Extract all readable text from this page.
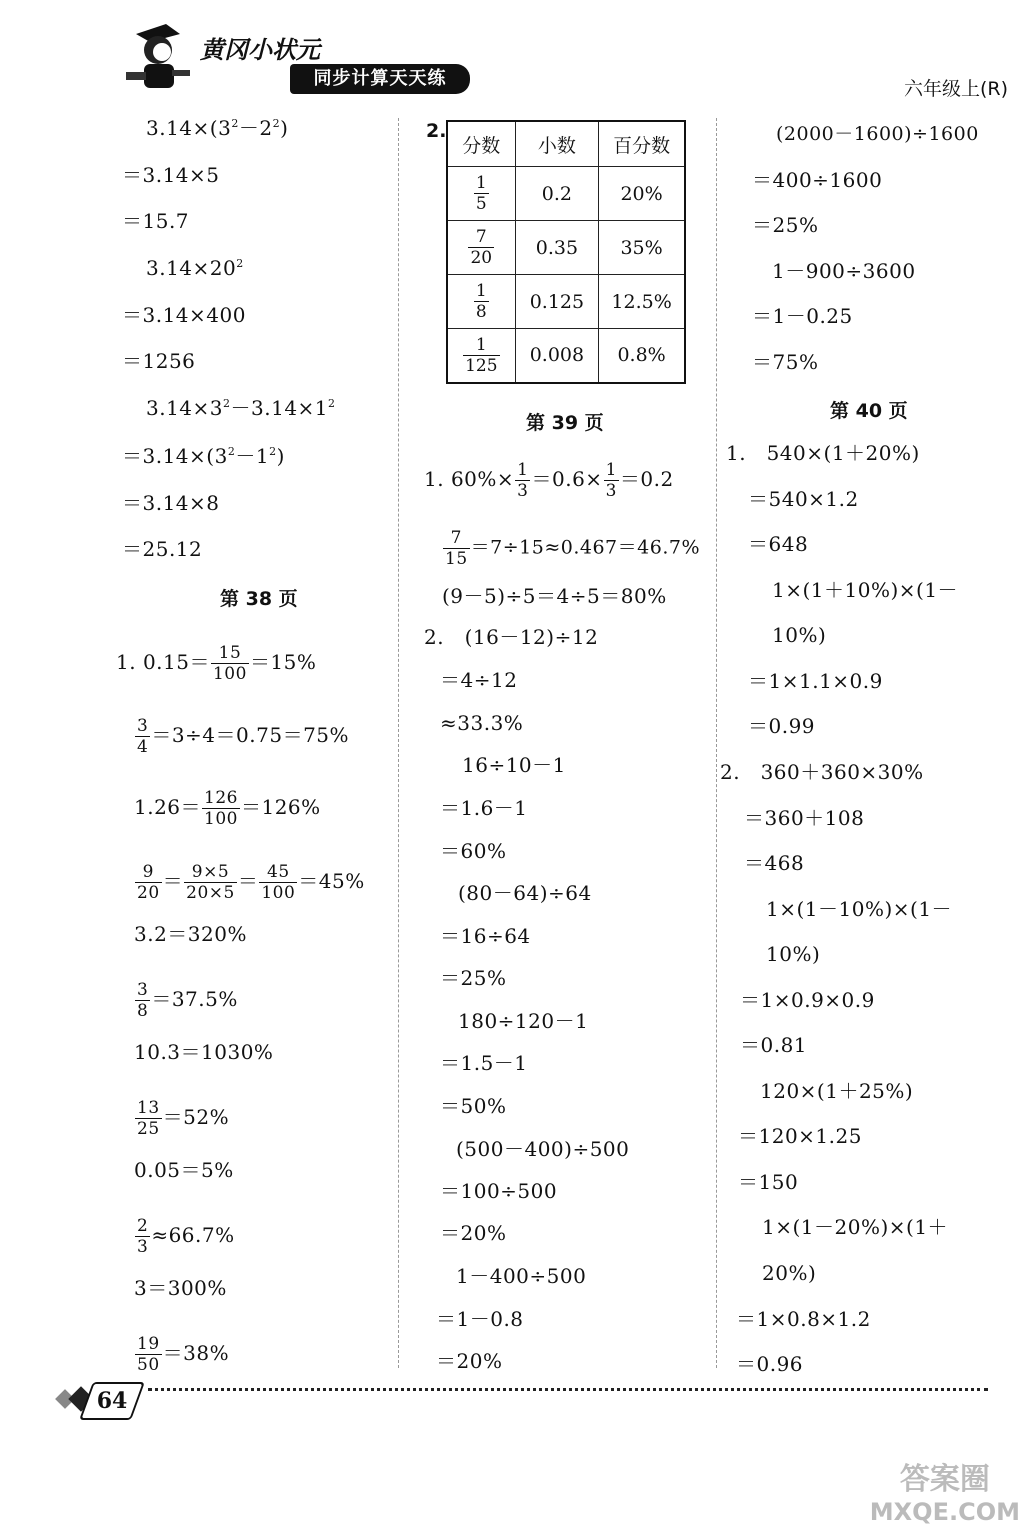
黄冈小状元
同步计算天天练	六年级上(R)
$3.14\times(3^2-2^2)$
＝3.14×5
＝15.7
$3.14\times 20^2$
＝3.14×400
＝1256
$3.14\times 3^2-3.14\times 1^2$
$=3.14\times(3^2-1^2)$
＝3.14×8
＝25.12
第 38 页
1. $0.15= \frac{15}{100} =15\%$
$\frac{3}{4} =3\div 4=0.75=75\%$
$1.26= \frac{126}{100} =126\%$
$\frac{9}{20} = \frac{9\times 5}{20\times 5} = \frac{45}{100} =45\%$
3.2＝320%
$\frac{3}{8} =37.5\%$
10.3＝1030%
$\frac{13}{25} =52\%$
0.05＝5%
$\frac{2}{3} \approx 66.7\%$
3＝300%
$\frac{19}{50} =38\%$
2.
分数	小数	百分数

$\frac{1}{5}$	0.2	20%

$\frac{7}{20}$	0.35	35%

$\frac{1}{8}$	0.125	12.5%

$\frac{1}{125}$	0.008	0.8%
第 39 页
1. $60\%\times \frac{1}{3} =0.6\times \frac{1}{3} =0.2$
$\frac{7}{15} =7\div 15\approx 0.467=46.7\%$
(9－5)÷5＝4÷5＝80%
2.　(16－12)÷12
＝4÷12
≈33.3%
16÷10－1
＝1.6－1
＝60%
(80－64)÷64
＝16÷64
＝25%
180÷120－1
＝1.5－1
＝50%
(500－400)÷500
＝100÷500
＝20%
1－400÷500
＝1－0.8
＝20%
(2000－1600)÷1600
＝400÷1600
＝25%
1－900÷3600
＝1－0.25
＝75%
第 40 页
1.　540×(1＋20%)
＝540×1.2
＝648
1×(1＋10%)×(1－
10%)
＝1×1.1×0.9
＝0.99
2.　360＋360×30%
＝360＋108
＝468
1×(1－10%)×(1－
10%)
＝1×0.9×0.9
＝0.81
120×(1＋25%)
＝120×1.25
＝150
1×(1－20%)×(1＋
20%)
＝1×0.8×1.2
＝0.96
64
答案圈
MXQE.COM
